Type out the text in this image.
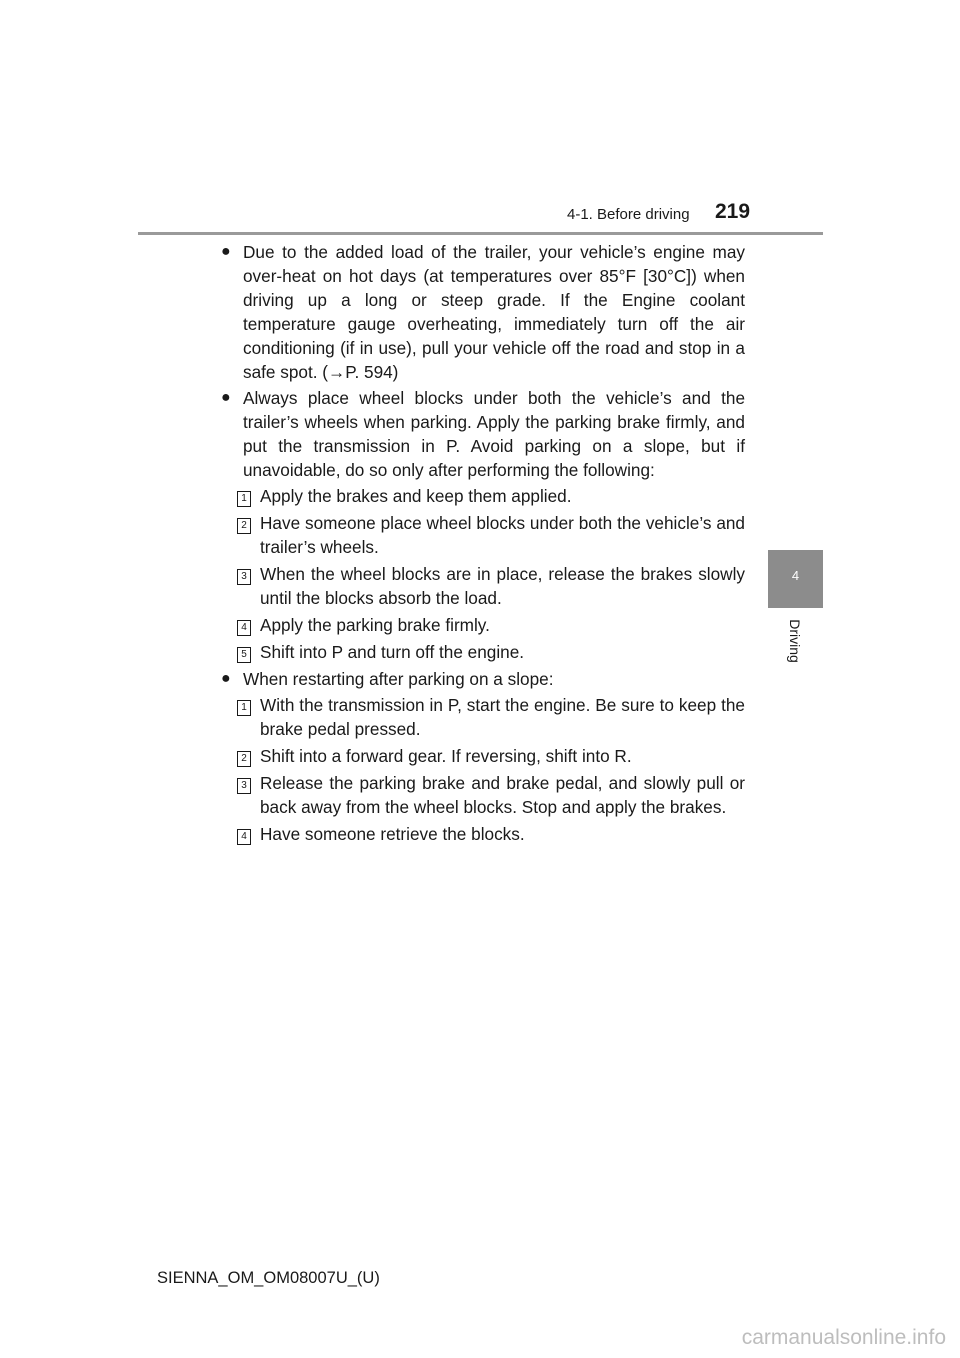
4-1. Before driving 219
4
Driving
● Due to the added load of the trailer, your vehicle’s engine may over-heat on hot days (at temperatures over 85°F [30°C]) when driving up a long or steep grade. If the Engine coolant temperature gauge overheating, immediately turn off the air conditioning (if in use), pull your vehicle off the road and stop in a safe spot. (→P. 594)
● Always place wheel blocks under both the vehicle’s and the trailer’s wheels when parking. Apply the parking brake firmly, and put the transmission in P. Avoid parking on a slope, but if unavoidable, do so only after performing the following:
1 Apply the brakes and keep them applied.
2 Have someone place wheel blocks under both the vehicle’s and trailer’s wheels.
3 When the wheel blocks are in place, release the brakes slowly until the blocks absorb the load.
4 Apply the parking brake firmly.
5 Shift into P and turn off the engine.
● When restarting after parking on a slope:
1 With the transmission in P, start the engine. Be sure to keep the brake pedal pressed.
2 Shift into a forward gear. If reversing, shift into R.
3 Release the parking brake and brake pedal, and slowly pull or back away from the wheel blocks. Stop and apply the brakes.
4 Have someone retrieve the blocks.
SIENNA_OM_OM08007U_(U)
carmanualsonline.info
